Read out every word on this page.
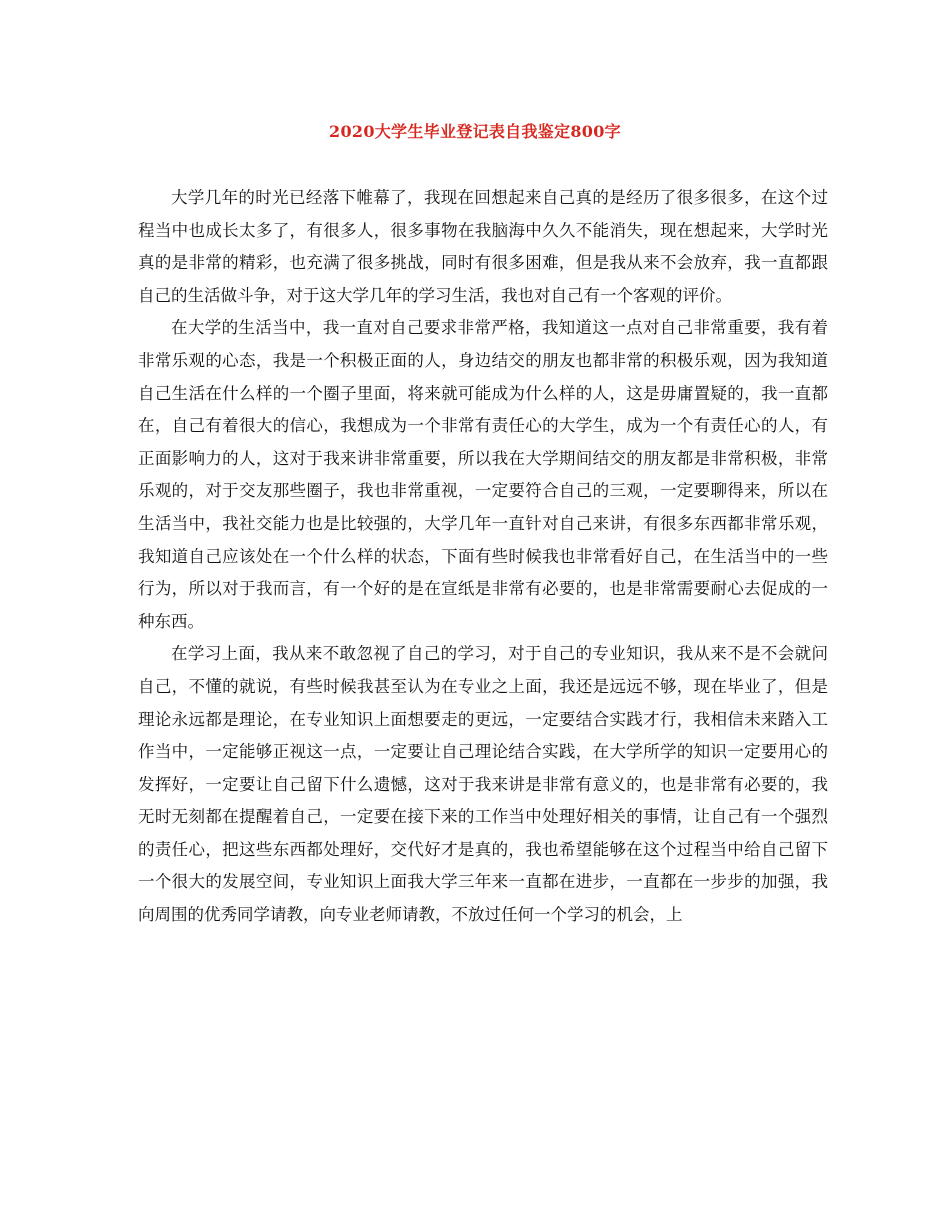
2020大学生毕业登记表自我鉴定800字

大学几年的时光已经落下帷幕了，我现在回想起来自己真的是经历了很多很多，在这个过程当中也成长太多了，有很多人，很多事物在我脑海中久久不能消失，现在想起来，大学时光真的是非常的精彩，也充满了很多挑战，同时有很多困难，但是我从来不会放弃，我一直都跟自己的生活做斗争，对于这大学几年的学习生活，我也对自己有一个客观的评价。

在大学的生活当中，我一直对自己要求非常严格，我知道这一点对自己非常重要，我有着非常乐观的心态，我是一个积极正面的人，身边结交的朋友也都非常的积极乐观，因为我知道自己生活在什么样的一个圈子里面，将来就可能成为什么样的人，这是毋庸置疑的，我一直都在，自己有着很大的信心，我想成为一个非常有责任心的大学生，成为一个有责任心的人，有正面影响力的人，这对于我来讲非常重要，所以我在大学期间结交的朋友都是非常积极，非常乐观的，对于交友那些圈子，我也非常重视，一定要符合自己的三观，一定要聊得来，所以在生活当中，我社交能力也是比较强的，大学几年一直针对自己来讲，有很多东西都非常乐观，我知道自己应该处在一个什么样的状态，下面有些时候我也非常看好自己，在生活当中的一些行为，所以对于我而言，有一个好的是在宣纸是非常有必要的，也是非常需要耐心去促成的一种东西。

在学习上面，我从来不敢忽视了自己的学习，对于自己的专业知识，我从来不是不会就问自己，不懂的就说，有些时候我甚至认为在专业之上面，我还是远远不够，现在毕业了，但是理论永远都是理论，在专业知识上面想要走的更远，一定要结合实践才行，我相信未来踏入工作当中，一定能够正视这一点，一定要让自己理论结合实践，在大学所学的知识一定要用心的发挥好，一定要让自己留下什么遗憾，这对于我来讲是非常有意义的，也是非常有必要的，我无时无刻都在提醒着自己，一定要在接下来的工作当中处理好相关的事情，让自己有一个强烈的责任心，把这些东西都处理好，交代好才是真的，我也希望能够在这个过程当中给自己留下一个很大的发展空间，专业知识上面我大学三年来一直都在进步，一直都在一步步的加强，我向周围的优秀同学请教，向专业老师请教，不放过任何一个学习的机会，上
